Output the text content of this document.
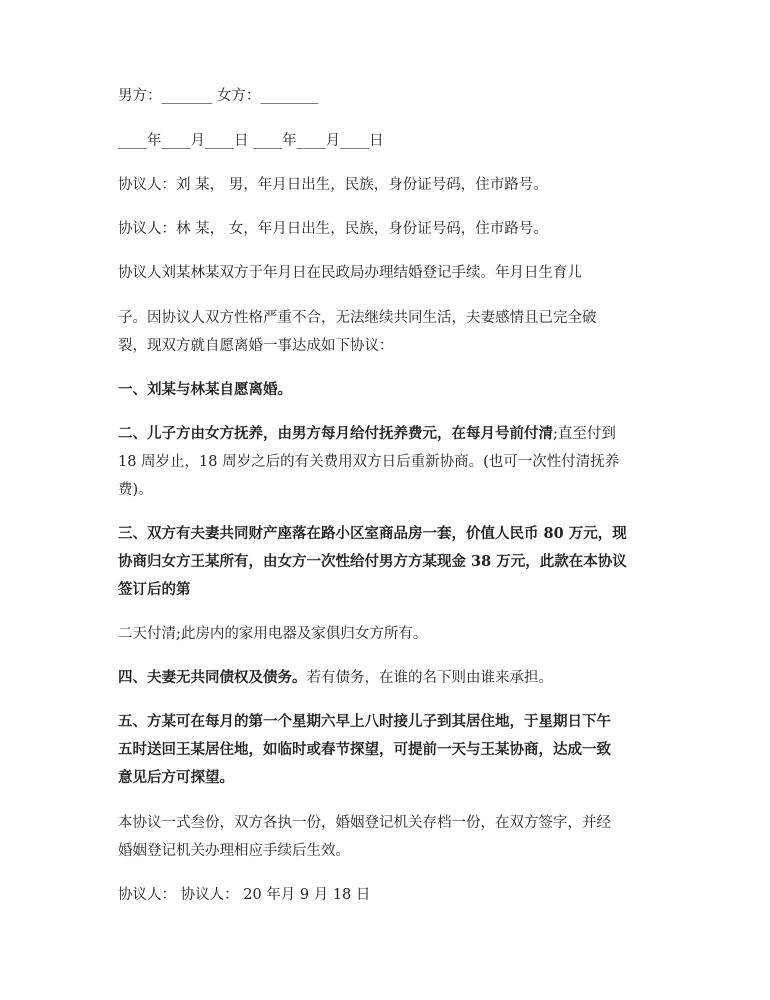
男方：_______ 女方：________

____年____月____日 ____年____月____日

协议人：刘 某， 男，年月日出生，民族，身份证号码，住市路号。

协议人：林 某， 女，年月日出生，民族，身份证号码，住市路号。

协议人刘某林某双方于年月日在民政局办理结婚登记手续。年月日生育儿

子。因协议人双方性格严重不合，无法继续共同生活，夫妻感情且已完全破

裂，现双方就自愿离婚一事达成如下协议：

一、刘某与林某自愿离婚。

二、儿子方由女方抚养，由男方每月给付抚养费元，在每月号前付清;直至付到

18 周岁止，18 周岁之后的有关费用双方日后重新协商。(也可一次性付清抚养

费)。

三、双方有夫妻共同财产座落在路小区室商品房一套，价值人民币 80 万元，现

协商归女方王某所有，由女方一次性给付男方方某现金 38 万元，此款在本协议

签订后的第

二天付清;此房内的家用电器及家俱归女方所有。

四、夫妻无共同债权及债务。若有债务，在谁的名下则由谁来承担。

五、方某可在每月的第一个星期六早上八时接儿子到其居住地，于星期日下午

五时送回王某居住地，如临时或春节探望，可提前一天与王某协商，达成一致

意见后方可探望。

本协议一式叁份，双方各执一份，婚姻登记机关存档一份，在双方签字，并经

婚姻登记机关办理相应手续后生效。

协议人： 协议人： 20 年月 9 月 18 日
